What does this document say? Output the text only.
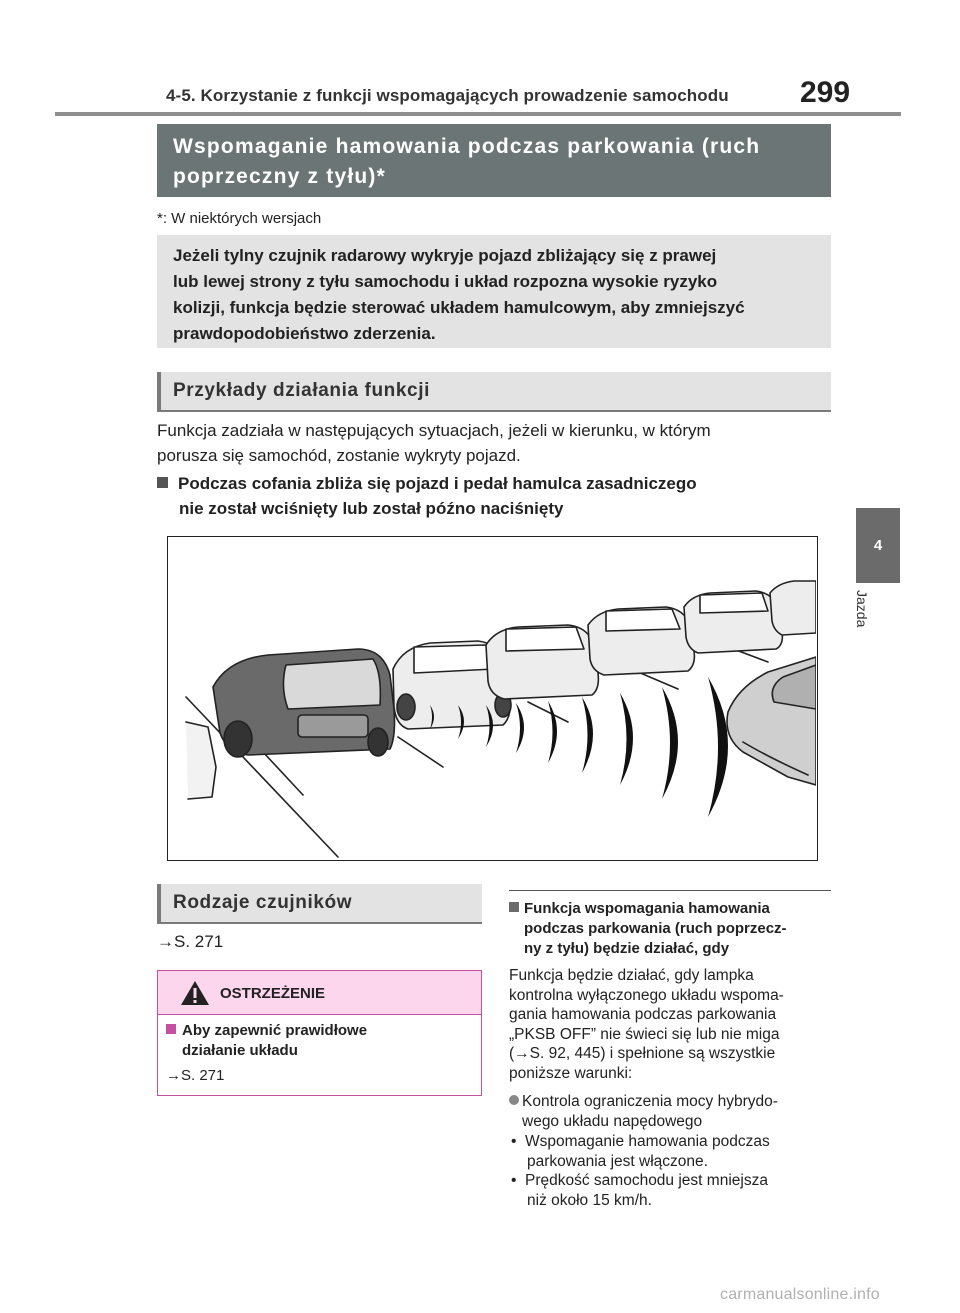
4-5. Korzystanie z funkcji wspomagających prowadzenie samochodu 299
4
Jazda
Wspomaganie hamowania podczas parkowania (ruch
poprzeczny z tyłu)*
*: W niektórych wersjach
Jeżeli tylny czujnik radarowy wykryje pojazd zbliżający się z prawej
lub lewej strony z tyłu samochodu i układ rozpozna wysokie ryzyko
kolizji, funkcja będzie sterować układem hamulcowym, aby zmniejszyć
prawdopodobieństwo zderzenia.
Przykłady działania funkcji
Funkcja zadziała w następujących sytuacjach, jeżeli w kierunku, w którym
porusza się samochód, zostanie wykryty pojazd.
Podczas cofania zbliża się pojazd i pedał hamulca zasadniczego
nie został wciśnięty lub został późno naciśnięty
Rodzaje czujników
→S. 271
OSTRZEŻENIE
Aby zapewnić prawidłowe
działanie układu
→S. 271
Funkcja wspomagania hamowania
podczas parkowania (ruch poprzecz-
ny z tyłu) będzie działać, gdy
Funkcja będzie działać, gdy lampka
kontrolna wyłączonego układu wspoma-
gania hamowania podczas parkowania
„PKSB OFF” nie świeci się lub nie miga
(→S. 92, 445) i spełnione są wszystkie
poniższe warunki:
Kontrola ograniczenia mocy hybrydo-
wego układu napędowego
• Wspomaganie hamowania podczas
parkowania jest włączone.
• Prędkość samochodu jest mniejsza
niż około 15 km/h.
carmanualsonline.info
